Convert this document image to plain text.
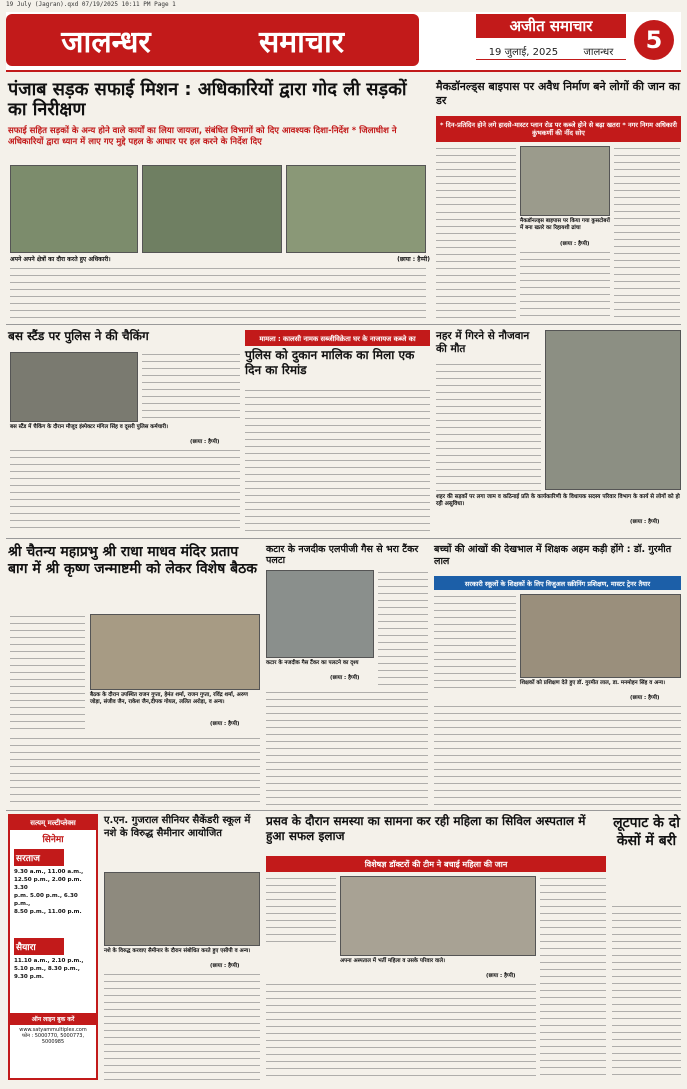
19 July (Jagran).qxd 07/19/2025 10:11 PM Page 1
जालन्धर	समाचार	अजीत समाचार
19 जुलाई, 2025	जालन्धर	5
पंजाब सड़क सफाई मिशन : अधिकारियों द्वारा गोद ली सड़कों का निरीक्षण
सफाई सहित सड़कों के अन्य होने वाले कार्यों का लिया जायजा, संबंधित विभागों को दिए आवश्यक दिशा-निर्देश * जिलाधीश ने अधिकारियों द्वारा ध्यान में लाए गए मुद्दे पहल के आधार पर हल करने के निर्देश दिए
अपने अपने क्षेत्रों का दौरा करते हुए अधिकारी।	(छाया : हैप्पी)
मैकडॉनल्ड्स बाइपास पर अवैध निर्माण बने लोगों की जान का डर
* दिन-प्रतिदिन होने लगे हादसे-मास्टर प्लान रोड पर कब्जे होने से बढ़ा खतरा * नगर निगम अधिकारी कुंभकर्णी की नींद सोए
मैकडॉनल्ड्स बाइपास पर किया गया कुसटोबरों में बना खतरे का रिहायशी ढांचा
(छाया : हैप्पी)
बस स्टैंड पर पुलिस ने की चैकिंग
बस स्टैंड में चैकिंग के दौरान मौजूद इंस्पेक्टर मंगिल सिंह व दूसरी पुलिस कर्मचारी।
(छाया : हैप्पी)
मामला : कालसी नामक सब्जीविक्रेता घर के नाजायज कब्जे का
पुलिस को दुकान मालिक का मिला एक दिन का रिमांड
नहर में गिरने से नौजवान की मौत
शहर की सड़कों पर लगा जाम व कठिनाई प्रति के कार्यकारिणी के विधायक सदस्य परिवार विभाग के कार्य से लोगों को हो रही असुविधा।
(छाया : हैप्पी)
श्री चैतन्य महाप्रभु श्री राधा माधव मंदिर प्रताप बाग में श्री कृष्ण जन्माष्टमी को लेकर विशेष बैठक
बैठक के दौरान उपस्थित राजन गुप्ता, हेमंत शर्मा, राजन गुप्ता, रविंद्र शर्मा, अरुण जोड़ा, संजीव जैन, राकेश जैन,दीपक गोयल, ललित अरोड़ा, व अन्य।
(छाया : हैप्पी)
कटार के नजदीक एलपीजी गैस से भरा टैंकर पलटा
कटार के नजदीक गैस टैंकर का पलटने का दृश्य
(छाया : हैप्पी)
बच्चों की आंखों की देखभाल में शिक्षक अहम कड़ी होंगे : डॉ. गुरमीत लाल
सरकारी स्कूलों के शिक्षकों के लिए विजुअल स्क्रीनिंग प्रशिक्षण, मास्टर ट्रेनर तैयार
शिक्षकों को प्रशिक्षण देते हुए डॉ. गुरमीत लाल, डा. मनमोहन सिंह व अन्य।
(छाया : हैप्पी)
सत्यम् मल्टीप्लेक्स
सिनेमा
सरताज
9.30 a.m., 11.00 a.m.,
12.50 p.m., 2.00 p.m. 3.30
p.m. 5.00 p.m., 6.30 p.m.,
8.50 p.m., 11.00 p.m.
सैयारा
11.10 a.m., 2.10 p.m.,
5.10 p.m., 8.30 p.m.,
9.30 p.m.
ऑन लाइन बुक करें
www.satyammultiplex.com
फोन : 5000770, 5000773,
5000985
ए.एन. गुजराल सीनियर सैकेंडरी स्कूल में नशे के विरुद्ध सैमीनार आयोजित
नशे के विरुद्ध करवाए सैमीनार के दौरान संबोधित करते हुए एसीपी व अन्य।
(छाया : हैप्पी)
प्रसव के दौरान समस्या का सामना कर रही महिला का सिविल अस्पताल में हुआ सफल इलाज
विशेषज्ञ डॉक्टरों की टीम ने बचाई महिला की जान
अपना अस्पताल में भर्ती महिला व उसके परिवार वाले।
(छाया : हैप्पी)
लूटपाट के दो केसों में बरी
